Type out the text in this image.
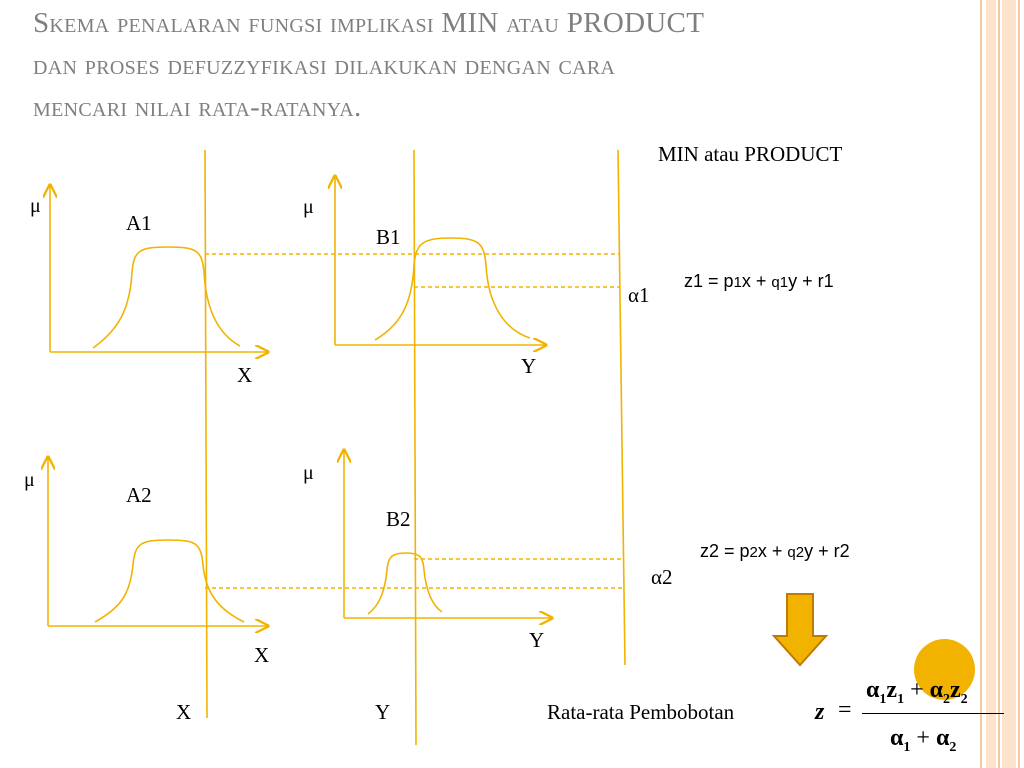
Skema penalaran fungsi implikasi MIN atau PRODUCT
dan proses defuzzyfikasi dilakukan dengan cara
mencari nilai rata-ratanya.
MIN atau PRODUCT
μ
A1
X
μ
B1
Y
μ
A2
X
μ
B2
Y
X	Y
α1
α2
z1 = p1x + q1y + r1
z2 = p2x + q2y + r2
Rata-rata Pembobotan	z =
$\alpha_1z_1 + \alpha_2z_2$
$\alpha_1 + \alpha_2$
